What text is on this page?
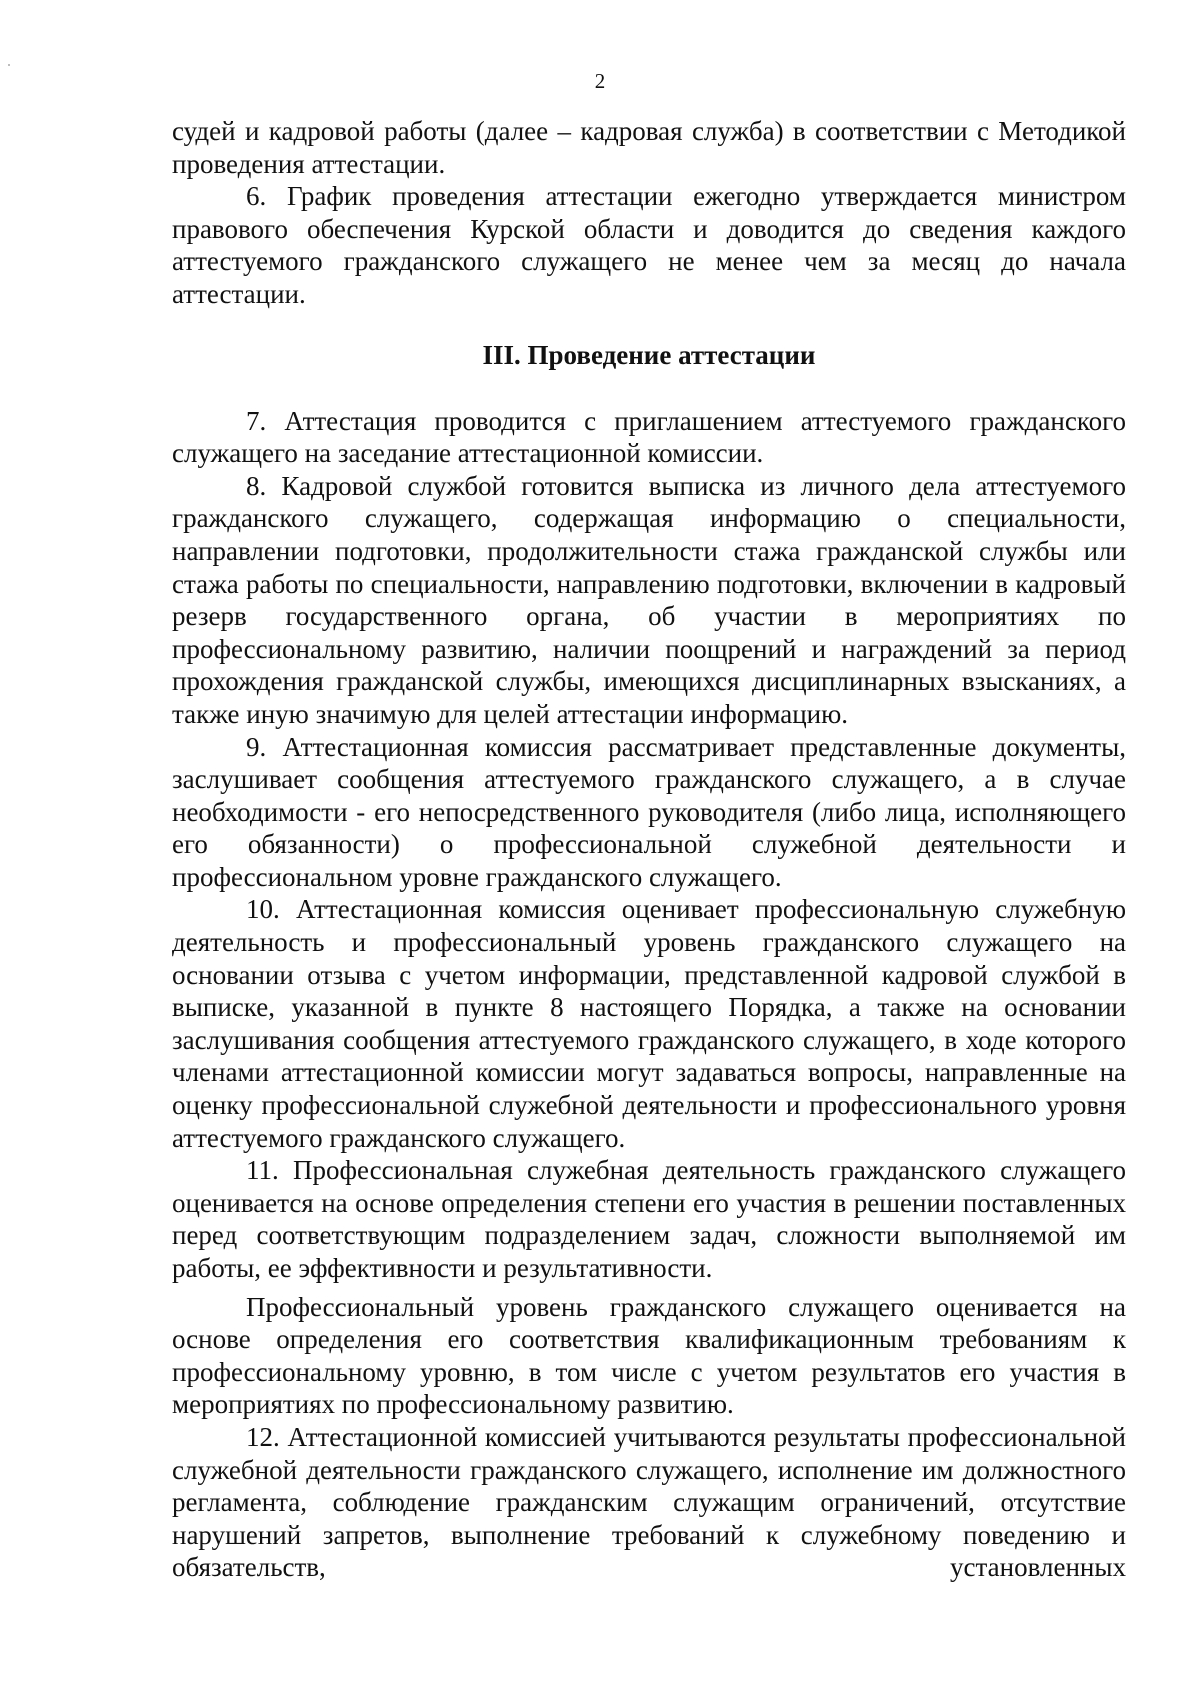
2

судей и кадровой работы (далее – кадровая служба) в соответствии с Методикой проведения аттестации.

6. График проведения аттестации ежегодно утверждается министром правового обеспечения Курской области и доводится до сведения каждого аттестуемого гражданского служащего не менее чем за месяц до начала аттестации.

III. Проведение аттестации

7. Аттестация проводится с приглашением аттестуемого гражданского служащего на заседание аттестационной комиссии.

8. Кадровой службой готовится выписка из личного дела аттестуемого гражданского служащего, содержащая информацию о специальности, направлении подготовки, продолжительности стажа гражданской службы или стажа работы по специальности, направлению подготовки, включении в кадровый резерв государственного органа, об участии в мероприятиях по профессиональному развитию, наличии поощрений и награждений за период прохождения гражданской службы, имеющихся дисциплинарных взысканиях, а также иную значимую для целей аттестации информацию.

9. Аттестационная комиссия рассматривает представленные документы, заслушивает сообщения аттестуемого гражданского служащего, а в случае необходимости - его непосредственного руководителя (либо лица, исполняющего его обязанности) о профессиональной служебной деятельности и профессиональном уровне гражданского служащего.

10. Аттестационная комиссия оценивает профессиональную служебную деятельность и профессиональный уровень гражданского служащего на основании отзыва с учетом информации, представленной кадровой службой в выписке, указанной в пункте 8 настоящего Порядка, а также на основании заслушивания сообщения аттестуемого гражданского служащего, в ходе которого членами аттестационной комиссии могут задаваться вопросы, направленные на оценку профессиональной служебной деятельности и профессионального уровня аттестуемого гражданского служащего.

11. Профессиональная служебная деятельность гражданского служащего оценивается на основе определения степени его участия в решении поставленных перед соответствующим подразделением задач, сложности выполняемой им работы, ее эффективности и результативности.

Профессиональный уровень гражданского служащего оценивается на основе определения его соответствия квалификационным требованиям к профессиональному уровню, в том числе с учетом результатов его участия в мероприятиях по профессиональному развитию.

12. Аттестационной комиссией учитываются результаты профессиональной служебной деятельности гражданского служащего, исполнение им должностного регламента, соблюдение гражданским служащим ограничений, отсутствие нарушений запретов, выполнение требований к служебному поведению и обязательств, установленных
